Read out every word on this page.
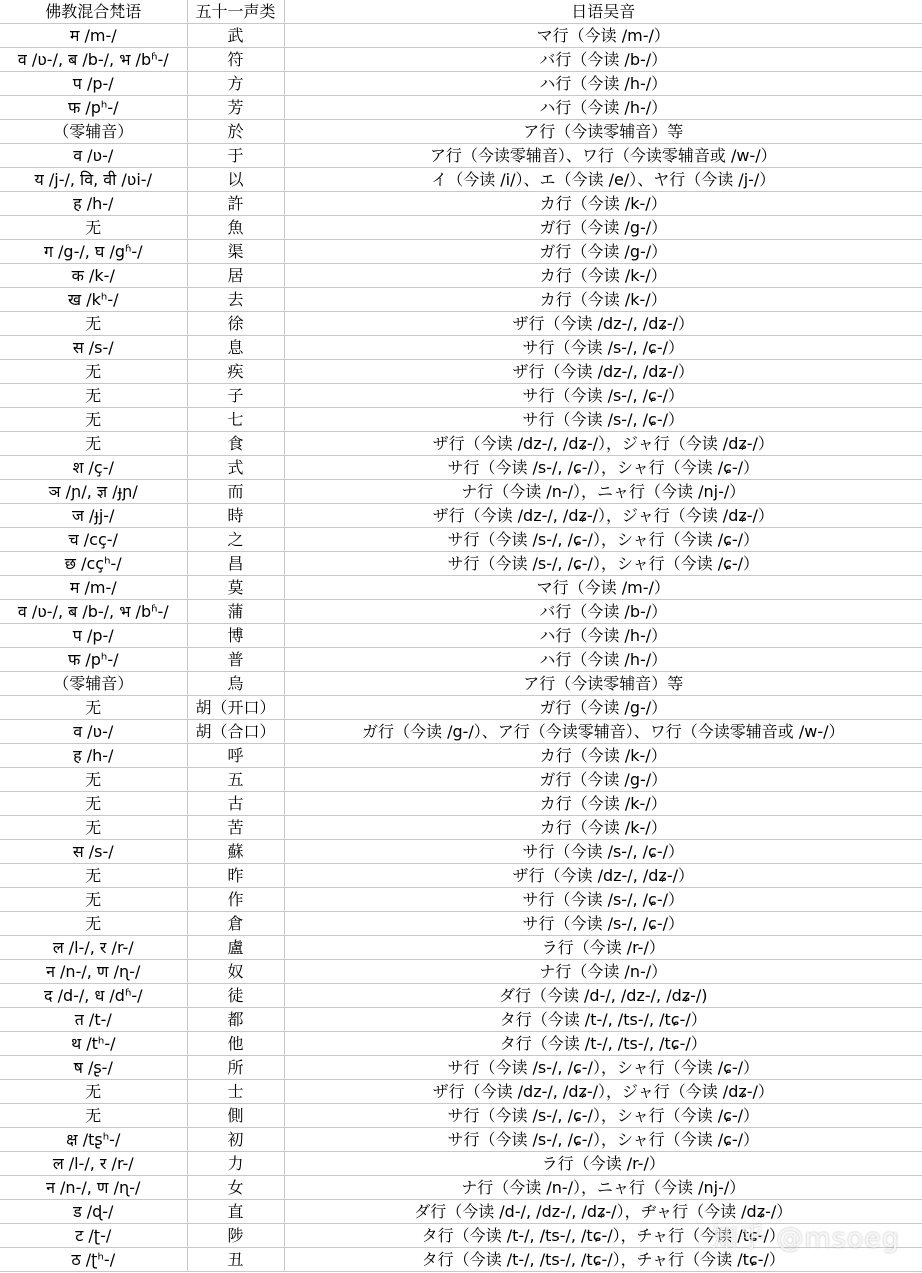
佛教混合梵语	五十一声类	日语吴音
म /m-/	武	マ行（今读 /m-/）
व /ʋ-/, ब /b-/, भ /bʱ-/	符	バ行（今读 /b-/）
प /p-/	方	ハ行（今读 /h-/）
फ /pʰ-/	芳	ハ行（今读 /h-/）
（零辅音）	於	ア行（今读零辅音）等
व /ʋ-/	于	ア行（今读零辅音）、ワ行（今读零辅音或 /w-/）
य /j-/, वि, वी /ʋi-/	以	イ（今读 /i/）、エ（今读 /e/）、ヤ行（今读 /j-/）
ह /h-/	許	カ行（今读 /k-/）
无	魚	ガ行（今读 /g-/）
ग /g-/, घ /gʱ-/	渠	ガ行（今读 /g-/）
क /k-/	居	カ行（今读 /k-/）
ख /kʰ-/	去	カ行（今读 /k-/）
无	徐	ザ行（今读 /dz-/, /dʑ-/）
स /s-/	息	サ行（今读 /s-/, /ɕ-/）
无	疾	ザ行（今读 /dz-/, /dʑ-/）
无	子	サ行（今读 /s-/, /ɕ-/）
无	七	サ行（今读 /s-/, /ɕ-/）
无	食	ザ行（今读 /dz-/, /dʑ-/），ジャ行（今读 /dʑ-/）
श /ç-/	式	サ行（今读 /s-/, /ɕ-/），シャ行（今读 /ɕ-/）
ञ /ɲ/, ज्ञ /ɟɲ/	而	ナ行（今读 /n-/），ニャ行（今读 /nj-/）
ज /ɟj-/	時	ザ行（今读 /dz-/, /dʑ-/），ジャ行（今读 /dʑ-/）
च /cç-/	之	サ行（今读 /s-/, /ɕ-/），シャ行（今读 /ɕ-/）
छ /cçʰ-/	昌	サ行（今读 /s-/, /ɕ-/），シャ行（今读 /ɕ-/）
म /m-/	莫	マ行（今读 /m-/）
व /ʋ-/, ब /b-/, भ /bʱ-/	蒲	バ行（今读 /b-/）
प /p-/	博	ハ行（今读 /h-/）
फ /pʰ-/	普	ハ行（今读 /h-/）
（零辅音）	烏	ア行（今读零辅音）等
无	胡（开口）	ガ行（今读 /g-/）
व /ʋ-/	胡（合口）	ガ行（今读 /g-/）、ア行（今读零辅音）、ワ行（今读零辅音或 /w-/）
ह /h-/	呼	カ行（今读 /k-/）
无	五	ガ行（今读 /g-/）
无	古	カ行（今读 /k-/）
无	苦	カ行（今读 /k-/）
स /s-/	蘇	サ行（今读 /s-/, /ɕ-/）
无	昨	ザ行（今读 /dz-/, /dʑ-/）
无	作	サ行（今读 /s-/, /ɕ-/）
无	倉	サ行（今读 /s-/, /ɕ-/）
ल /l-/, र /r-/	盧	ラ行（今读 /r-/）
न /n-/, ण /ɳ-/	奴	ナ行（今读 /n-/）
द /d-/, ध /dʱ-/	徒	ダ行（今读 /d-/, /dz-/, /dʑ-/)
त /t-/	都	タ行（今读 /t-/, /ts-/, /tɕ-/）
थ /tʰ-/	他	タ行（今读 /t-/, /ts-/, /tɕ-/）
ष /ʂ-/	所	サ行（今读 /s-/, /ɕ-/），シャ行（今读 /ɕ-/）
无	士	ザ行（今读 /dz-/, /dʑ-/），ジャ行（今读 /dʑ-/）
无	側	サ行（今读 /s-/, /ɕ-/），シャ行（今读 /ɕ-/）
क्ष /tʂʰ-/	初	サ行（今读 /s-/, /ɕ-/），シャ行（今读 /ɕ-/）
ल /l-/, र /r-/	力	ラ行（今读 /r-/）
न /n-/, ण /ɳ-/	女	ナ行（今读 /n-/），ニャ行（今读 /nj-/）
ड /ɖ-/	直	ダ行（今读 /d-/, /dz-/, /dʑ-/），ヂャ行（今读 /dʑ-/）
ट /ʈ-/	陟	タ行（今读 /t-/, /ts-/, /tɕ-/），チャ行（今读 /tɕ-/）
ठ /ʈʰ-/	丑	タ行（今读 /t-/, /ts-/, /tɕ-/），チャ行（今读 /tɕ-/）
知乎 @msoeg
